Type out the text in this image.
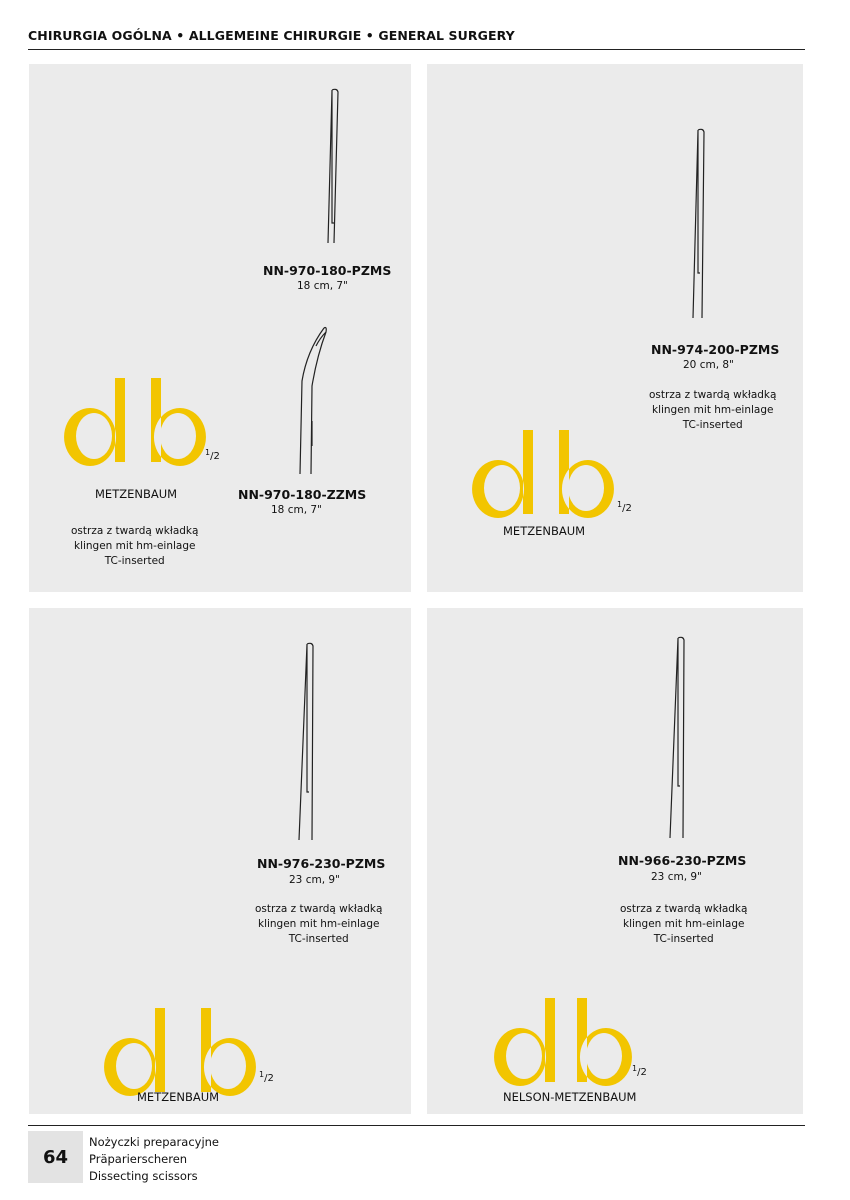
CHIRURGIA OGÓLNA • ALLGEMEINE CHIRURGIE • GENERAL SURGERY
NN-970-180-PZMS
18 cm, 7"
NN-970-180-ZZMS
18 cm, 7"
$^1$/2
METZENBAUM
ostrza z twardą wkładką
klingen mit hm-einlage
TC-inserted
NN-974-200-PZMS
20 cm, 8"
ostrza z twardą wkładką
klingen mit hm-einlage
TC-inserted
$^1$/2
METZENBAUM
NN-976-230-PZMS
23 cm, 9"
ostrza z twardą wkładką
klingen mit hm-einlage
TC-inserted
$^1$/2
METZENBAUM
NN-966-230-PZMS
23 cm, 9"
ostrza z twardą wkładką
klingen mit hm-einlage
TC-inserted
$^1$/2
NELSON-METZENBAUM
64
Nożyczki preparacyjne
Präparierscheren
Dissecting scissors
